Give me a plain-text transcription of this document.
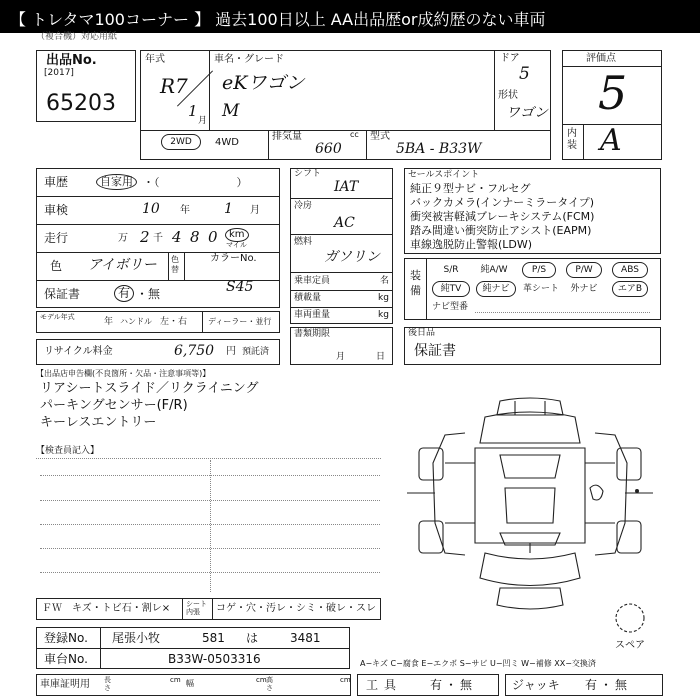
【 トレタマ100コーナー 】 過去100日以上 AA出品歴or成約歴のない車両
（複合機）対応用紙
出品No.
[2017]
65203
年式
R7
1
月
車名・グレード
eKワゴン
M
ドア
5
形状
ワゴン
2WD	4WD
排気量	cc
660
型式
5BA - B33W
評価点
5
内装 A
車歴	自家用 ・（　　　　　　　）
車検	10 年 1 月
走行	万 2 千 4 8 0	km
マイル
色 アイボリー 色替
保証書	有 ・無
カラーNo.
S45
モデル年式	年 ハンドル 左・右	ディーラー・並行
シフト
IAT
冷房
AC
燃料
ガソリン
乗車定員	名
積載量	kg
車両重量	kg
セールスポイント
純正９型ナビ・フルセグ
バックカメラ(インナーミラータイプ)
衝突被害軽減ブレーキシステム(FCM)
踏み間違い衝突防止アシスト(EAPM)
車線逸脱防止警報(LDW)
装備
S/R	純A/W	P/S	P/W	ABS
純TV	純ナビ	革シート	外ナビ	エアB
ナビ型番
リサイクル料金	6,750 円 預託済
書類期限
月	日
後日品
保証書
【出品店申告欄(不良箇所・欠品・注意事項等)】
リアシートスライド／リクライニング
パーキングセンサー(F/R)
キーレスエントリー
【検査員記入】
スペア
ＦＷ キズ・トビ石・割レ× シート内張	コゲ・穴・汚レ・シミ・破レ・スレ
登録No. 尾張小牧	581 は	3481
車台No.	B33W-0503316
車庫証明用 長さ
cm 幅	cm 高さ
cm
A−キズ C−腐食 E−エクボ S−サビ U−凹ミ W−補修 XX−交換済
工具 有・無	ジャッキ 有・無
